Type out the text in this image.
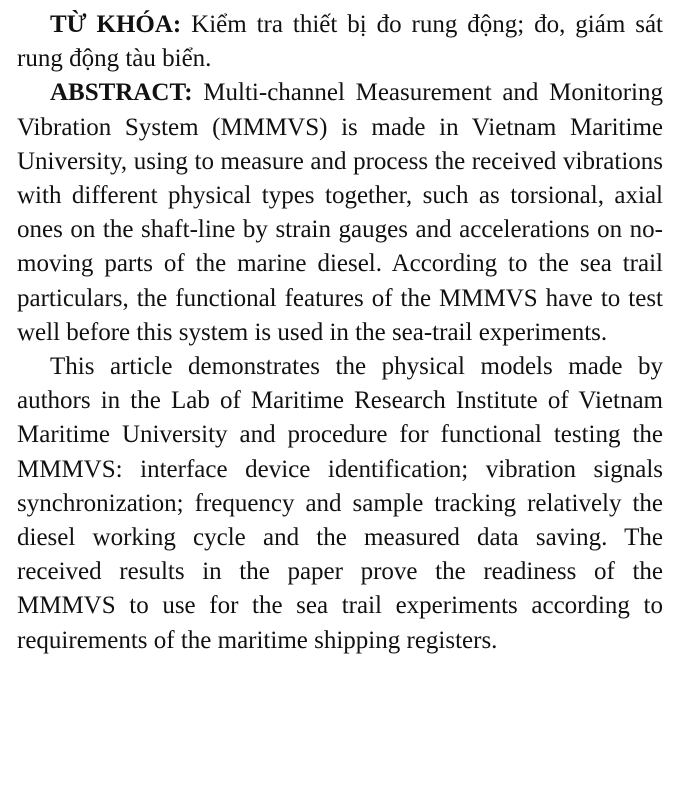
TỪ KHÓA: Kiểm tra thiết bị đo rung động; đo, giám sát rung động tàu biển.

ABSTRACT: Multi-channel Measurement and Monitoring Vibration System (MMMVS) is made in Vietnam Maritime University, using to measure and process the received vibrations with different physical types together, such as torsional, axial ones on the shaft-line by strain gauges and accelerations on no-moving parts of the marine diesel. According to the sea trail particulars, the functional features of the MMMVS have to test well before this system is used in the sea-trail experiments.

This article demonstrates the physical models made by authors in the Lab of Maritime Research Institute of Vietnam Maritime University and procedure for functional testing the MMMVS: interface device identification; vibration signals synchronization; frequency and sample tracking relatively the diesel working cycle and the measured data saving. The received results in the paper prove the readiness of the MMMVS to use for the sea trail experiments according to requirements of the maritime shipping registers.
